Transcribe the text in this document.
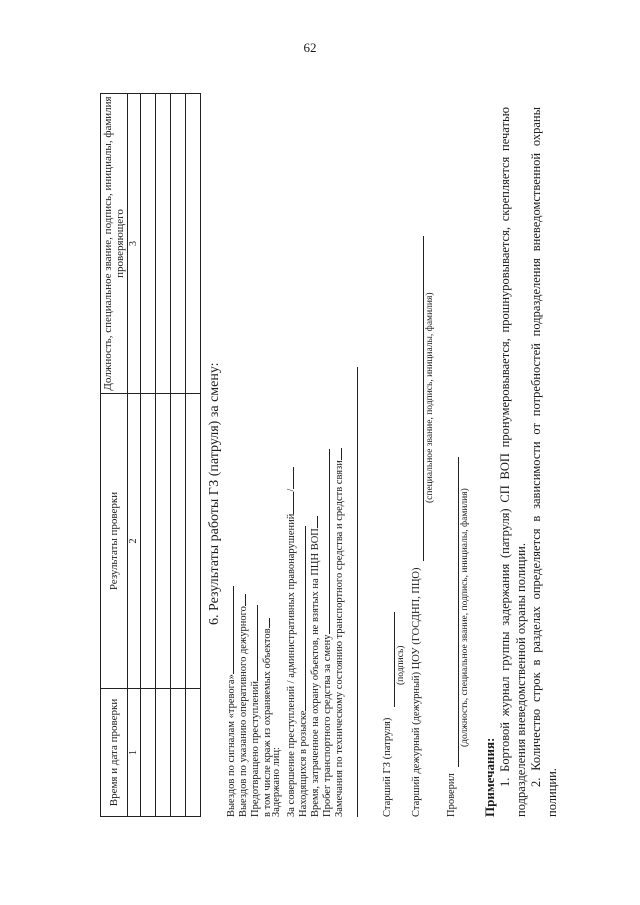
62
Время и дата проверки	Результаты проверки	Должность, специальное звание, подпись, инициалы, фамилия проверяющего
1	2	3

6. Результаты работы ГЗ (патруля) за смену:
Выездов по сигналам «тревога» Выездов по указанию оперативного дежурного Предотвращено преступлений в том числе краж из охраняемых объектов
Задержано лиц: За совершение преступлений / административных правонарушений/
Находящихся в розыске Время, затраченное на охрану объектов, не взятых на ПЦН ВОП Пробег транспортного средства за смену Замечания по техническому состоянию транспортного средства и средств связи	Старший ГЗ (патруля)
(подпись) Старший дежурный (дежурный) ЦОУ (ГОСДНП, ПЦО)
(специальное звание, подпись, инициалы, фамилия)
Проверил
(должность, специальное звание, подпись, инициалы, фамилия)
Примечания: 1. Бортовой журнал группы задержания (патруля) СП ВОП пронумеровывается, прошнуровывается, скрепляется печатью подразделения вневедомственной охраны полиции. 2. Количество строк в разделах определяется в зависимости от потребностей подразделения вневедомственной охраны полиции.
